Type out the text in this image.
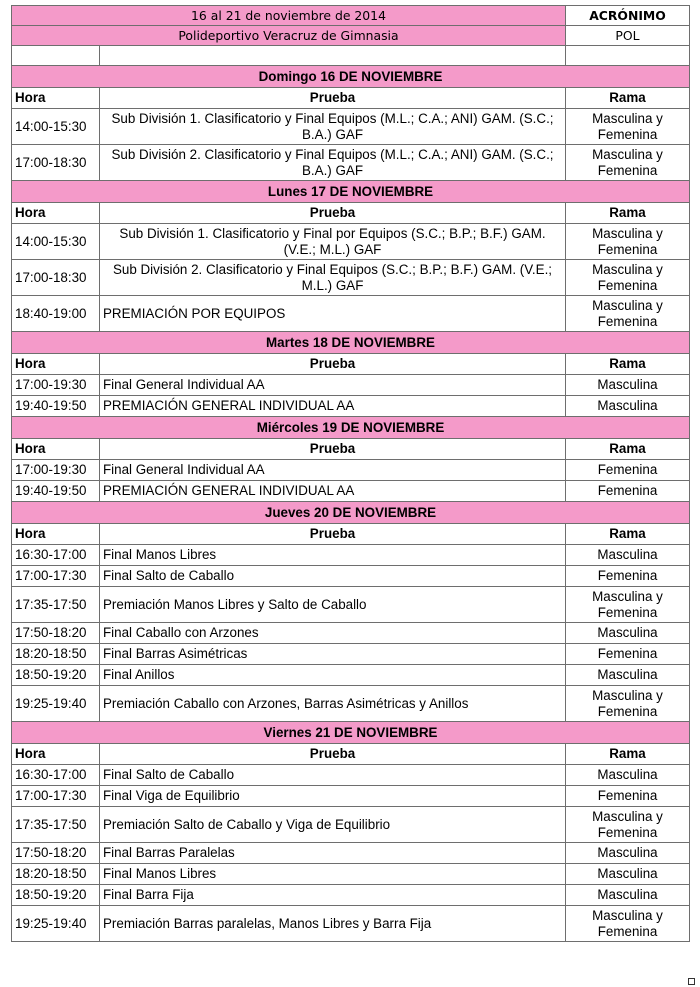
16 al 21 de noviembre de 2014		ACRÓNIMO
Polideportivo Veracruz de Gimnasia		POL

Domingo 16 DE NOVIEMBRE		
Hora	Prueba	Rama
14:00-15:30	Sub División 1. Clasificatorio y Final Equipos (M.L.; C.A.; ANI) GAM. (S.C.; B.A.) GAF	Masculina y Femenina
17:00-18:30	Sub División 2. Clasificatorio y Final Equipos (M.L.; C.A.; ANI) GAM. (S.C.; B.A.) GAF	Masculina y Femenina
Lunes 17 DE NOVIEMBRE		
Hora	Prueba	Rama
14:00-15:30	Sub División 1. Clasificatorio y Final por Equipos (S.C.; B.P.; B.F.) GAM. (V.E.; M.L.) GAF	Masculina y Femenina
17:00-18:30	Sub División 2. Clasificatorio y Final Equipos (S.C.; B.P.; B.F.) GAM. (V.E.; M.L.) GAF	Masculina y Femenina
18:40-19:00	PREMIACIÓN POR EQUIPOS	Masculina y Femenina
Martes 18 DE NOVIEMBRE		
Hora	Prueba	Rama
17:00-19:30	Final General Individual AA	Masculina
19:40-19:50	PREMIACIÓN GENERAL INDIVIDUAL AA	Masculina
Miércoles 19 DE NOVIEMBRE		
Hora	Prueba	Rama
17:00-19:30	Final General Individual AA	Femenina
19:40-19:50	PREMIACIÓN GENERAL INDIVIDUAL AA	Femenina
Jueves 20 DE NOVIEMBRE		
Hora	Prueba	Rama
16:30-17:00	Final Manos Libres	Masculina
17:00-17:30	Final Salto de Caballo	Femenina
17:35-17:50	Premiación Manos Libres y Salto de Caballo	Masculina y Femenina
17:50-18:20	Final Caballo con Arzones	Masculina
18:20-18:50	Final Barras Asimétricas	Femenina
18:50-19:20	Final Anillos	Masculina
19:25-19:40	Premiación Caballo con Arzones, Barras Asimétricas y Anillos	Masculina y Femenina
Viernes 21 DE NOVIEMBRE		
Hora	Prueba	Rama
16:30-17:00	Final Salto de Caballo	Masculina
17:00-17:30	Final Viga de Equilibrio	Femenina
17:35-17:50	Premiación Salto de Caballo y Viga de Equilibrio	Masculina y Femenina
17:50-18:20	Final Barras Paralelas	Masculina
18:20-18:50	Final Manos Libres	Masculina
18:50-19:20	Final Barra Fija	Masculina
19:25-19:40	Premiación Barras paralelas, Manos Libres y Barra Fija	Masculina y Femenina
